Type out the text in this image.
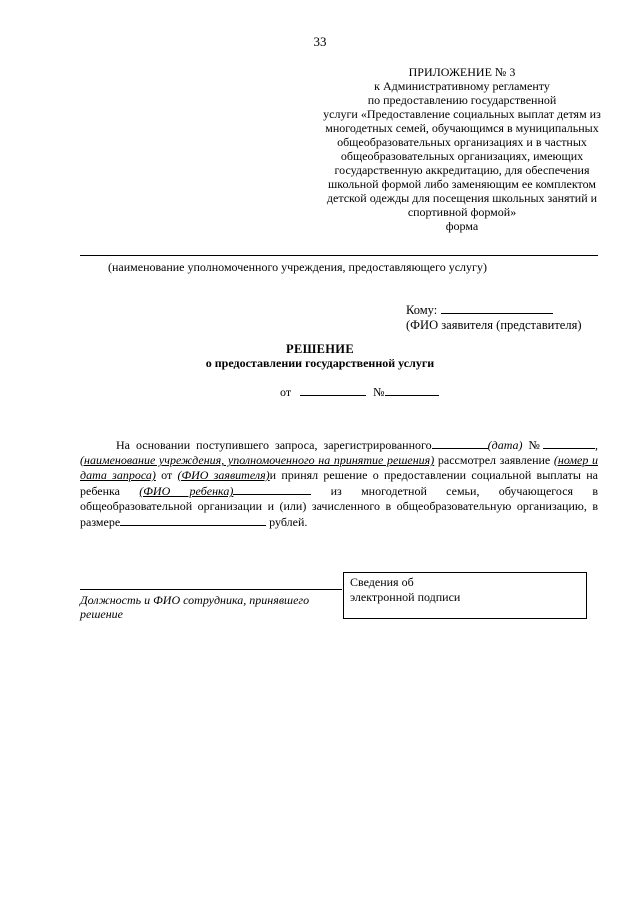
33
ПРИЛОЖЕНИЕ № 3
к Административному регламенту
по предоставлению государственной
услуги «Предоставление социальных выплат детям из
многодетных семей, обучающимся в муниципальных
общеобразовательных организациях и в частных
общеобразовательных организациях, имеющих
государственную аккредитацию, для обеспечения
школьной формой либо заменяющим ее комплектом
детской одежды для посещения школьных занятий и
спортивной формой»
форма
(наименование уполномоченного учреждения, предоставляющего услугу)
Кому:
(ФИО заявителя (представителя)
РЕШЕНИЕ
о предоставлении государственной услуги
от	№

На основании поступившего запроса, зарегистрированного	(дата) №	, (наименование учреждения, уполномоченного на принятие решения) рассмотрел заявление (номер и дата запроса) от (ФИО заявителя)и принял решение о предоставлении социальной выплаты на ребенка (ФИО ребенка)	из многодетной семьи, обучающегося в общеобразовательной организации и (или) зачисленного в общеобразовательную организацию, в размере	рублей.

Должность и ФИО сотрудника, принявшего решение
Сведения об
электронной подписи
